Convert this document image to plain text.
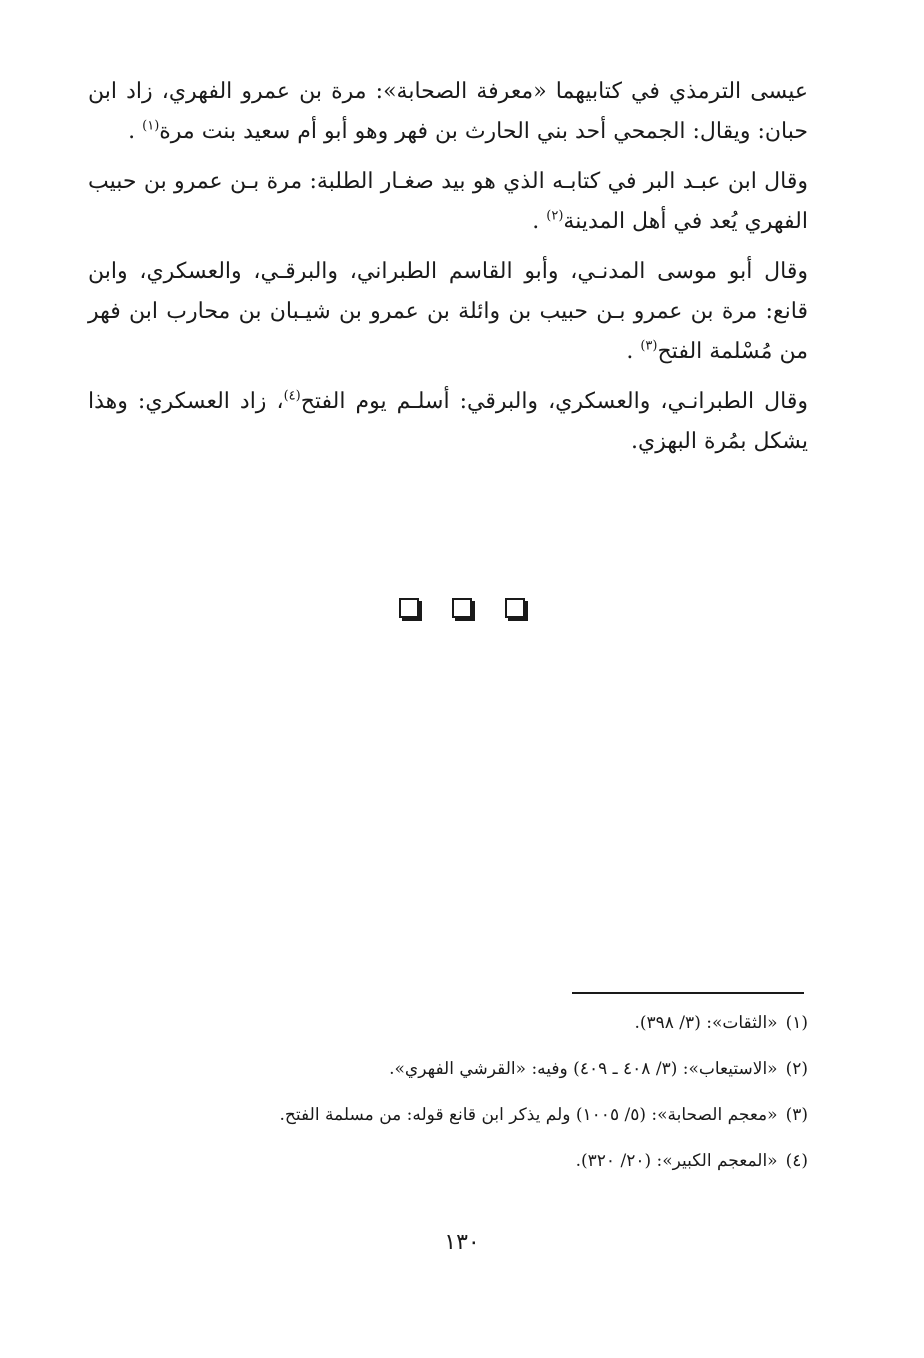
عيسى الترمذي في كتابيهما «معرفة الصحابة»: مرة بن عمرو الفهري، زاد ابن حبان: ويقال: الجمحي أحد بني الحارث بن فهر وهو أبو أم سعيد بنت مرة$^{(١)}$ .

وقال ابن عبـد البر في كتابـه الذي هو بيد صغـار الطلبة: مرة بـن عمرو بن حبيب الفهري يُعد في أهل المدينة$^{(٢)}$ .

وقال أبو موسى المدنـي، وأبو القاسم الطبراني، والبرقـي، والعسكري، وابن قانع: مرة بن عمرو بـن حبيب بن وائلة بن عمرو بن شيـبان بن محارب ابن فهر من مُسْلمة الفتح$^{(٣)}$ .

وقال الطبرانـي، والعسكري، والبرقي: أسلـم يوم الفتح$^{(٤)}$، زاد العسكري: وهذا يشكل بمُرة البهزي.

(١)«الثقات»: (٣/ ٣٩٨).
(٢)«الاستيعاب»: (٣/ ٤٠٨ ـ ٤٠٩) وفيه: «القرشي الفهري».
(٣)«معجم الصحابة»: (٥/ ١٠٠٥) ولم يذكر ابن قانع قوله: من مسلمة الفتح.
(٤)«المعجم الكبير»: (٢٠/ ٣٢٠).
١٣٠
